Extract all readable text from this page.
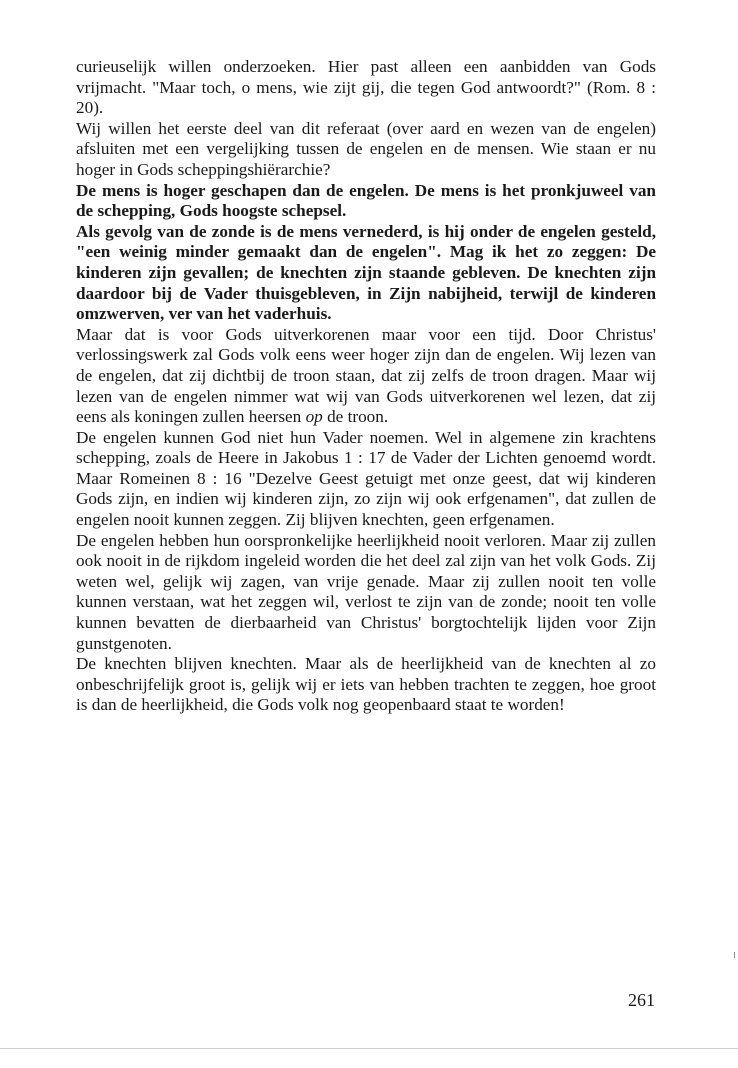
curieuselijk willen onderzoeken. Hier past alleen een aanbidden van Gods vrijmacht. "Maar toch, o mens, wie zijt gij, die tegen God antwoordt?" (Rom. 8 : 20).

Wij willen het eerste deel van dit referaat (over aard en wezen van de engelen) afsluiten met een vergelijking tussen de engelen en de mensen. Wie staan er nu hoger in Gods scheppingshiërarchie?

De mens is hoger geschapen dan de engelen. De mens is het pronkjuweel van de schepping, Gods hoogste schepsel.

Als gevolg van de zonde is de mens vernederd, is hij onder de engelen gesteld, "een weinig minder gemaakt dan de engelen". Mag ik het zo zeggen: De kinderen zijn gevallen; de knechten zijn staande gebleven. De knechten zijn daardoor bij de Vader thuisgebleven, in Zijn nabijheid, terwijl de kinderen omzwerven, ver van het vaderhuis.

Maar dat is voor Gods uitverkorenen maar voor een tijd. Door Christus' verlossingswerk zal Gods volk eens weer hoger zijn dan de engelen. Wij lezen van de engelen, dat zij dichtbij de troon staan, dat zij zelfs de troon dragen. Maar wij lezen van de engelen nimmer wat wij van Gods uitverkorenen wel lezen, dat zij eens als koningen zullen heersen op de troon.

De engelen kunnen God niet hun Vader noemen. Wel in algemene zin krachtens schepping, zoals de Heere in Jakobus 1 : 17 de Vader der Lichten genoemd wordt. Maar Romeinen 8 : 16 "Dezelve Geest getuigt met onze geest, dat wij kinderen Gods zijn, en indien wij kinderen zijn, zo zijn wij ook erfgenamen", dat zullen de engelen nooit kunnen zeggen. Zij blijven knechten, geen erfgenamen.

De engelen hebben hun oorspronkelijke heerlijkheid nooit verloren. Maar zij zullen ook nooit in de rijkdom ingeleid worden die het deel zal zijn van het volk Gods. Zij weten wel, gelijk wij zagen, van vrije genade. Maar zij zullen nooit ten volle kunnen verstaan, wat het zeggen wil, verlost te zijn van de zonde; nooit ten volle kunnen bevatten de dierbaarheid van Christus' borgtochtelijk lijden voor Zijn gunstgenoten.

De knechten blijven knechten. Maar als de heerlijkheid van de knechten al zo onbeschrijfelijk groot is, gelijk wij er iets van hebben trachten te zeggen, hoe groot is dan de heerlijkheid, die Gods volk nog geopenbaard staat te worden!

261
